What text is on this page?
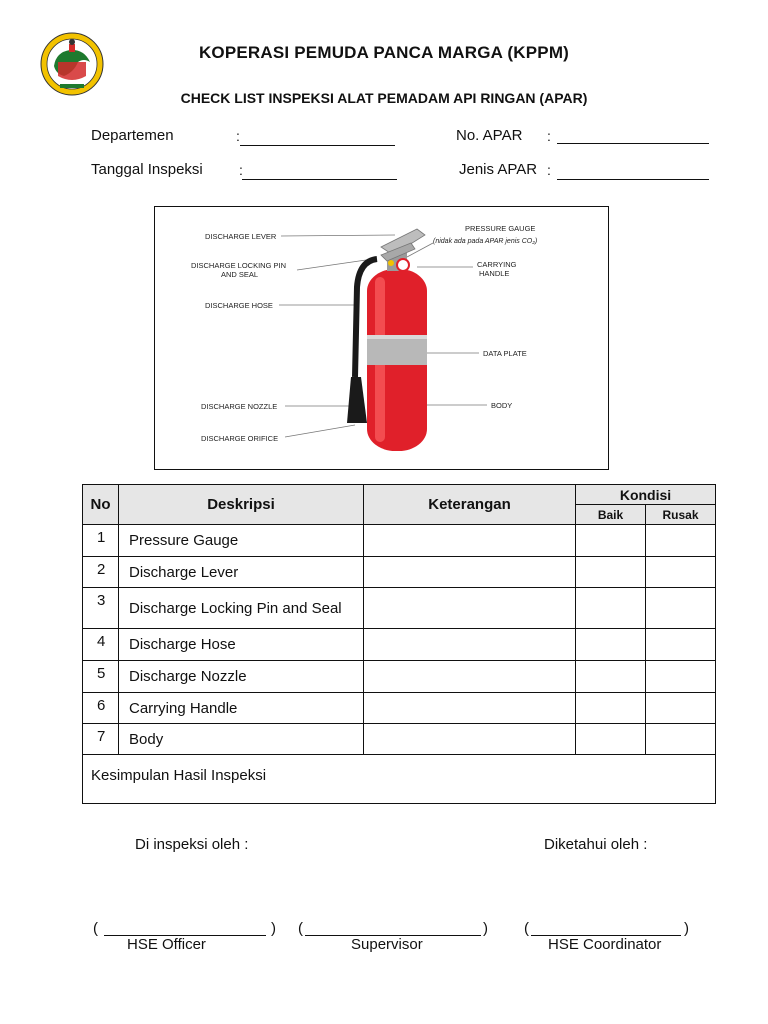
KOPERASI PEMUDA PANCA MARGA (KPPM)
CHECK LIST INSPEKSI ALAT PEMADAM API RINGAN (APAR)
Departemen	:	No. APAR :
Tanggal Inspeksi	:	Jenis APAR :
DISCHARGE LEVER
DISCHARGE LOCKING PIN
AND SEAL
DISCHARGE HOSE
DISCHARGE NOZZLE
DISCHARGE ORIFICE
PRESSURE GAUGE
(nidak ada pada APAR jenis CO₂)
CARRYING
HANDLE
DATA PLATE
BODY
No	Deskripsi	Keterangan	Kondisi	
			Baik	Rusak
1	Pressure Gauge			
2	Discharge Lever			
3	Discharge Locking Pin and Seal			
4	Discharge Hose			
5	Discharge Nozzle			
6	Carrying Handle			
7	Body			
Kesimpulan Hasil Inspeksi				
Di inspeksi oleh :	Diketahui oleh :
(	)
HSE Officer
(	)
Supervisor
(	)
HSE Coordinator
